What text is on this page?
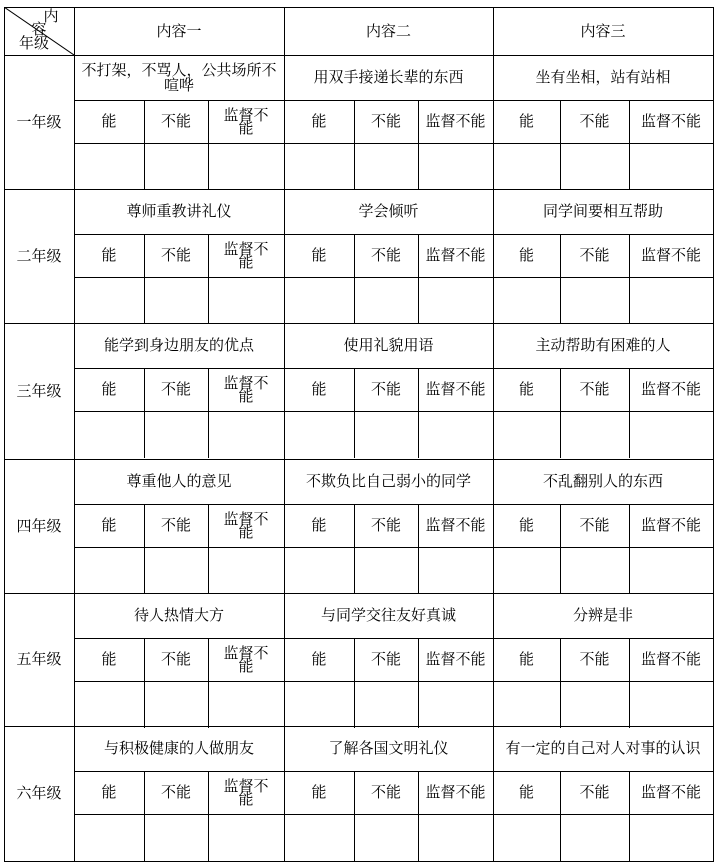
内
容
年级
内容一	内容二	内容三
一年级
不打架，不骂人，公共场所不喧哗	用双手接递长辈的东西	坐有坐相，站有站相
能	不能	监督不能	能	不能	监督不能	能	不能	监督不能
二年级
尊师重教讲礼仪	学会倾听	同学间要相互帮助
能	不能	监督不能	能	不能	监督不能	能	不能	监督不能
三年级
能学到身边朋友的优点	使用礼貌用语	主动帮助有困难的人
能	不能	监督不能	能	不能	监督不能	能	不能	监督不能
四年级
尊重他人的意见	不欺负比自己弱小的同学	不乱翻别人的东西
能	不能	监督不能	能	不能	监督不能	能	不能	监督不能
五年级
待人热情大方	与同学交往友好真诚	分辨是非
能	不能	监督不能	能	不能	监督不能	能	不能	监督不能
六年级
与积极健康的人做朋友	了解各国文明礼仪	有一定的自己对人对事的认识
能	不能	监督不能	能	不能	监督不能	能	不能	监督不能
